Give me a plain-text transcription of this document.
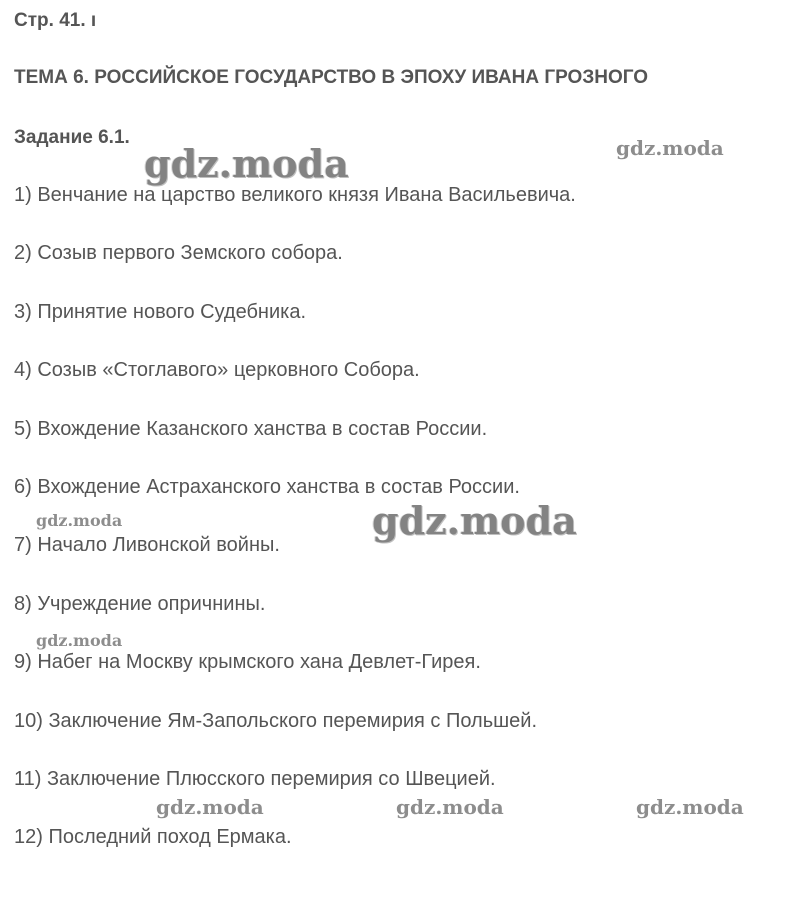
Стр. 41. ı
ТЕМА 6. РОССИЙСКОЕ ГОСУДАРСТВО В ЭПОХУ ИВАНА ГРОЗНОГО
Задание 6.1.
1) Венчание на царство великого князя Ивана Васильевича.
2) Созыв первого Земского собора.
3) Принятие нового Судебника.
4) Созыв «Стоглавого» церковного Собора.
5) Вхождение Казанского ханства в состав России.
6) Вхождение Астраханского ханства в состав России.
7) Начало Ливонской войны.
8) Учреждение опричнины.
9) Набег на Москву крымского хана Девлет-Гирея.
10) Заключение Ям-Запольского перемирия с Польшей.
11) Заключение Плюсского перемирия со Швецией.
12) Последний поход Ермака.
gdz.moda	gdz.moda
gdz.moda
gdz.moda
gdz.moda
gdz.moda	gdz.moda	gdz.moda
